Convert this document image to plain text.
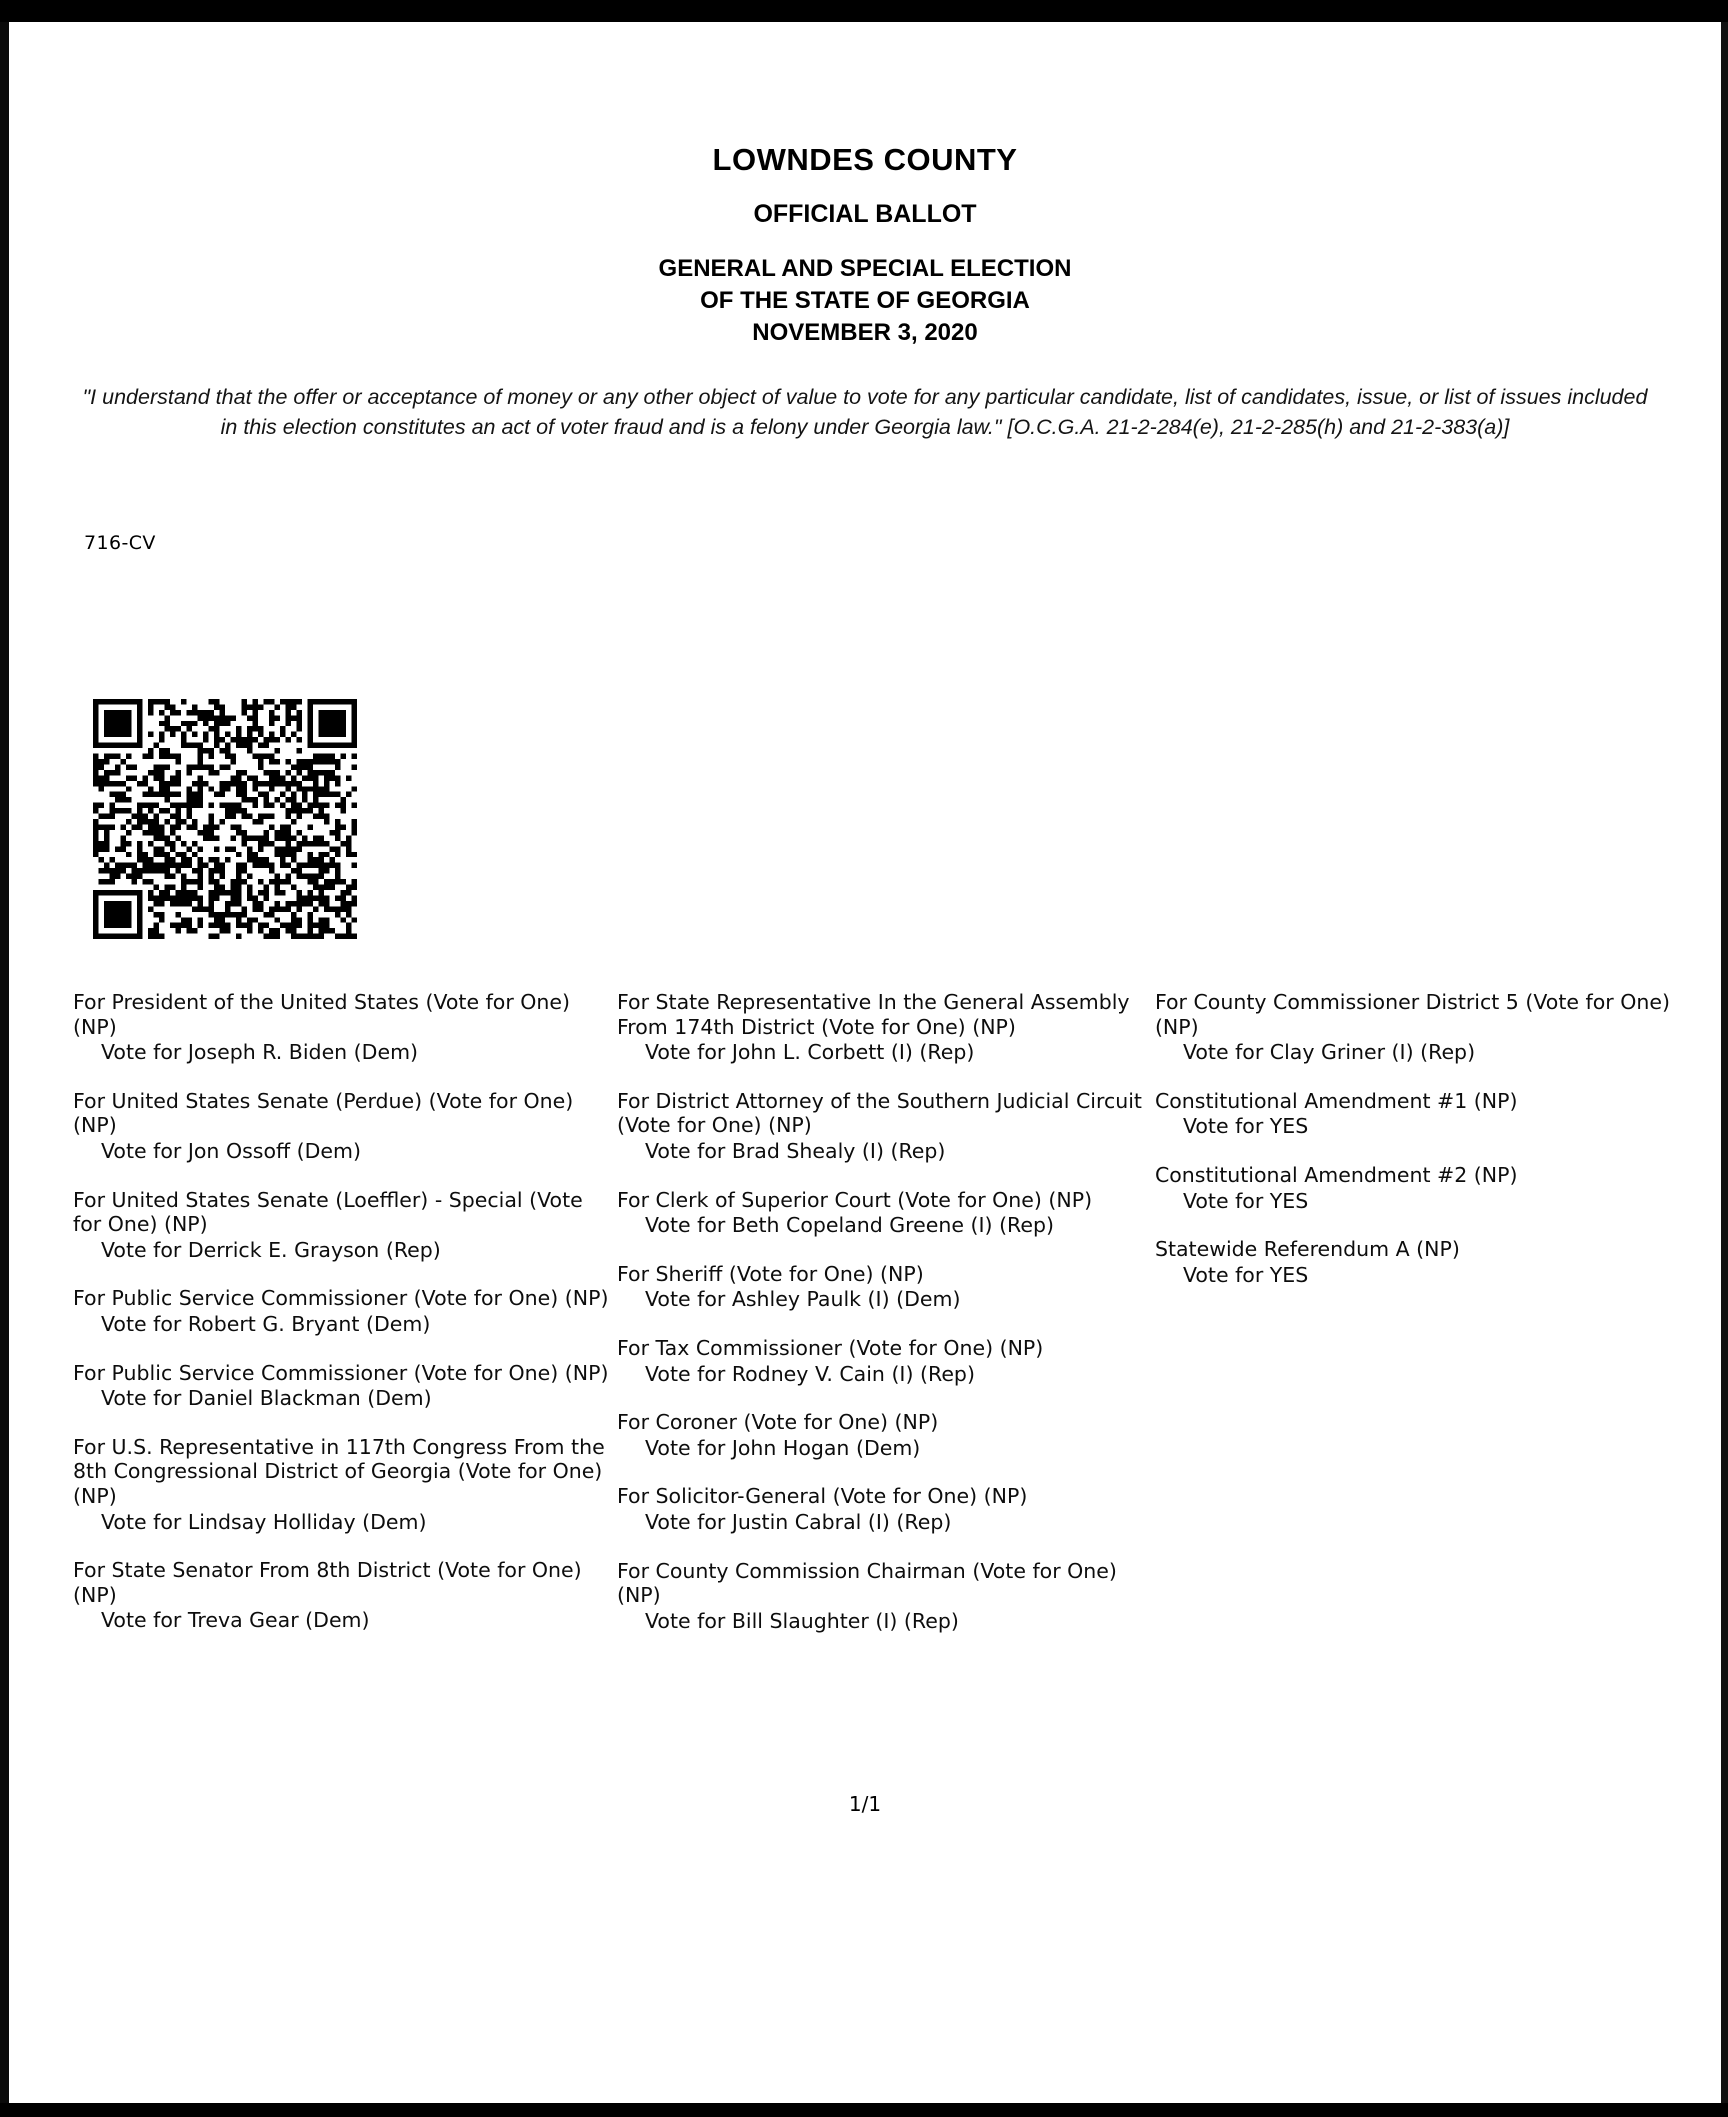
LOWNDES COUNTY
OFFICIAL BALLOT
GENERAL AND SPECIAL ELECTION
OF THE STATE OF GEORGIA
NOVEMBER 3, 2020
"I understand that the offer or acceptance of money or any other object of value to vote for any particular candidate, list of candidates, issue, or list of issues included in this election constitutes an act of voter fraud and is a felony under Georgia law." [O.C.G.A. 21-2-284(e), 21-2-285(h) and 21-2-383(a)]
716-CV
For President of the United States (Vote for One) (NP)
Vote for Joseph R. Biden (Dem)
For United States Senate (Perdue) (Vote for One) (NP)
Vote for Jon Ossoff (Dem)
For United States Senate (Loeffler) - Special (Vote for One) (NP)
Vote for Derrick E. Grayson (Rep)
For Public Service Commissioner (Vote for One) (NP)
Vote for Robert G. Bryant (Dem)
For Public Service Commissioner (Vote for One) (NP)
Vote for Daniel Blackman (Dem)
For U.S. Representative in 117th Congress From the 8th Congressional District of Georgia (Vote for One) (NP)
Vote for Lindsay Holliday (Dem)
For State Senator From 8th District (Vote for One) (NP)
Vote for Treva Gear (Dem)
For State Representative In the General Assembly From 174th District (Vote for One) (NP)
Vote for John L. Corbett (I) (Rep)
For District Attorney of the Southern Judicial Circuit (Vote for One) (NP)
Vote for Brad Shealy (I) (Rep)
For Clerk of Superior Court (Vote for One) (NP)
Vote for Beth Copeland Greene (I) (Rep)
For Sheriff (Vote for One) (NP)
Vote for Ashley Paulk (I) (Dem)
For Tax Commissioner (Vote for One) (NP)
Vote for Rodney V. Cain (I) (Rep)
For Coroner (Vote for One) (NP)
Vote for John Hogan (Dem)
For Solicitor-General (Vote for One) (NP)
Vote for Justin Cabral (I) (Rep)
For County Commission Chairman (Vote for One) (NP)
Vote for Bill Slaughter (I) (Rep)
For County Commissioner District 5 (Vote for One) (NP)
Vote for Clay Griner (I) (Rep)
Constitutional Amendment #1 (NP)
Vote for YES
Constitutional Amendment #2 (NP)
Vote for YES
Statewide Referendum A (NP)
Vote for YES
1/1
